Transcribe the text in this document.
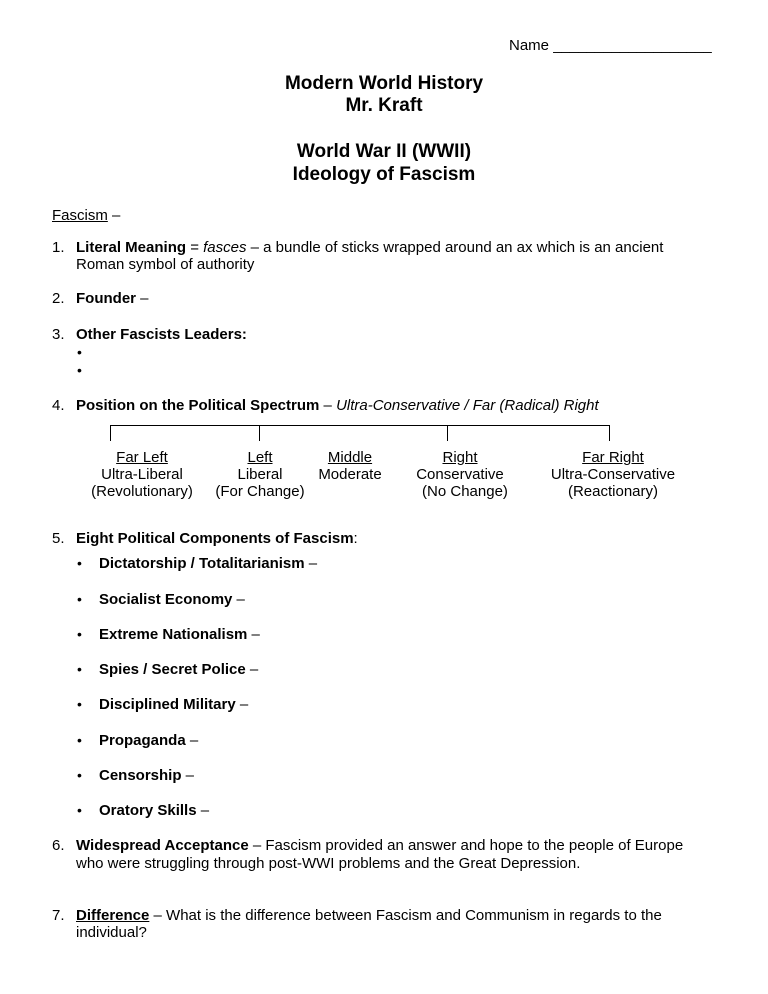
Name ___________________
Modern World History
Mr. Kraft
World War II (WWII)
Ideology of Fascism
Fascism –
1. Literal Meaning = fasces – a bundle of sticks wrapped around an ax which is an ancient
Roman symbol of authority
2. Founder –
3. Other Fascists Leaders:
•
•
4. Position on the Political Spectrum – Ultra-Conservative / Far (Radical) Right
Far Left
Ultra-Liberal
(Revolutionary)
Left
Liberal
(For Change)
Middle
Moderate
Right
Conservative
(No Change)
Far Right
Ultra-Conservative
(Reactionary)
5. Eight Political Components of Fascism:
• Dictatorship / Totalitarianism –
• Socialist Economy –
• Extreme Nationalism –
• Spies / Secret Police –
• Disciplined Military –
• Propaganda –
• Censorship –
• Oratory Skills –
6. Widespread Acceptance – Fascism provided an answer and hope to the people of Europe
who were struggling through post-WWI problems and the Great Depression.
7. Difference – What is the difference between Fascism and Communism in regards to the
individual?
